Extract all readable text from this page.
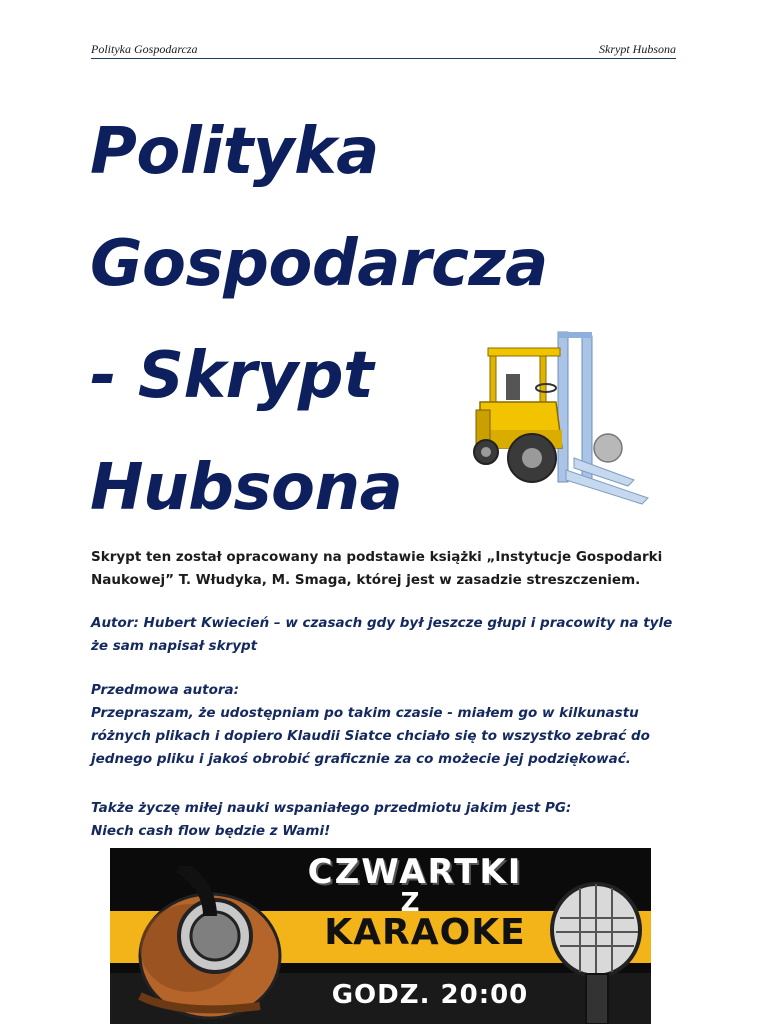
Polityka Gospodarcza	Skrypt Hubsona
Polityka
Gospodarcza
- Skrypt
Hubsona

Skrypt ten został opracowany na podstawie książki „Instytucje Gospodarki
Naukowej” T. Włudyka, M. Smaga, której jest w zasadzie streszczeniem.

Autor: Hubert Kwiecień – w czasach gdy był jeszcze głupi i pracowity na tyle
że sam napisał skrypt

Przedmowa autora:
Przepraszam, że udostępniam po takim czasie - miałem go w kilkunastu
różnych plikach i dopiero Klaudii Siatce chciało się to wszystko zebrać do
jednego pliku i jakoś obrobić graficznie za co możecie jej podziękować.

Także życzę miłej nauki wspaniałego przedmiotu jakim jest PG:
Niech cash flow będzie z Wami!

CZWARTKI
Z
KARAOKE
GODZ. 20:00
